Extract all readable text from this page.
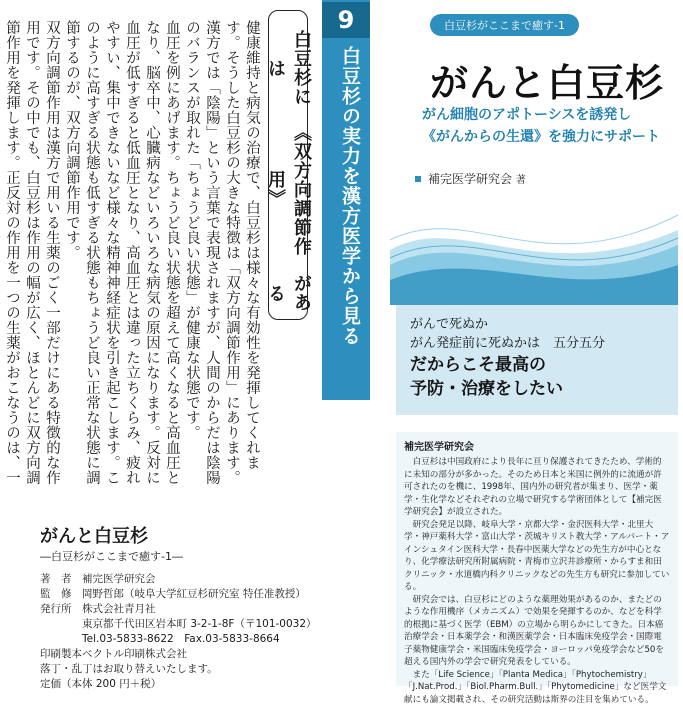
白豆杉には
《双方向調節作用》
がある

健康維持と病気の治療で、白豆杉は様々な有効性を発揮してくれます。そうした白豆杉の大きな特徴は「双方向調節作用」にあります。漢方では「陰陽」という言葉で表現されますが、人間のからだは陰陽のバランスが取れた「ちょうど良い状態」が健康な状態です。

血圧を例にあげます。ちょうど良い状態を超えて高くなると高血圧となり、脳卒中、心臓病などいろいろな病気の原因になります。反対に血圧が低すぎると低血圧となり、高血圧とは違った立ちくらみ、疲れやすい、集中できないなど様々な精神神経症状を引き起こします。このように高すぎる状態も低すぎる状態もちょうど良い正常な状態に調節するのが、双方向調節作用です。

双方向調節作用は漢方で用いる生薬のごく一部だけにある特徴的な作用です。その中でも、白豆杉は作用の幅が広く、ほとんどに双方向調節作用を発揮します。正反対の作用を一つの生薬がおこなうのは、一

9
白豆杉の実力を漢方医学から見る
白豆杉がここまで癒す-1
がんと白豆杉
がん細胞のアポトーシスを誘発し
《がんからの生還》を強力にサポート
補完医学研究会 著
がんで死ぬか
がん発症前に死ぬかは　五分五分
だからこそ最高の
予防・治療をしたい
補完医学研究会

白豆杉は中国政府により長年に亘り保護されてきたため、学術的に未知の部分が多かった。そのため日本と米国に例外的に流通が許可されたのを機に、1998年、国内外の研究者が集まり、医学・薬学・生化学などそれぞれの立場で研究する学術団体として【補完医学研究会】が設立された。

研究会発足以降、岐阜大学・京都大学・金沢医科大学・北里大学・神戸薬科大学・富山大学・茨城キリスト教大学・アルバート・アインシュタイン医科大学・長春中医薬大学などの先生方が中心となり、化学療法研究所附属病院・青梅市立沢井診療所・からすま和田クリニック・水道橋内科クリニックなどの先生方も研究に参加している。

研究会では、白豆杉にどのような薬理効果があるのか、またどのような作用機序（メカニズム）で効果を発揮するのか、などを科学的根拠に基づく医学（EBM）の立場から明らかにしてきた。日本癌治療学会・日本薬学会・和漢医薬学会・日本臨床免疫学会・国際電子薬物健康学会・米国臨床免疫学会・ヨーロッパ免疫学会など50を超える国内外の学会で研究発表をしている。

また「Life Science」「Planta Medica」「Phytochemistry」「J.Nat.Prod.」「Biol.Pharm.Bull.」「Phytomedicine」など医学文献にも論文掲載され、その研究活動は斯界の注目を集めている。

がんと白豆杉
―白豆杉がここまで癒す-1―
著　者	補完医学研究会
監　修	岡野哲郎（岐阜大学紅豆杉研究室 特任准教授）
発行所	株式会社青月社
東京都千代田区岩本町 3-2-1-8F（〒101-0032）
Tel.03-5833-8622　Fax.03-5833-8664
印刷製本 ベクトル印刷株式会社
落丁・乱丁はお取り替えいたします。
定価（本体 200 円＋税）
